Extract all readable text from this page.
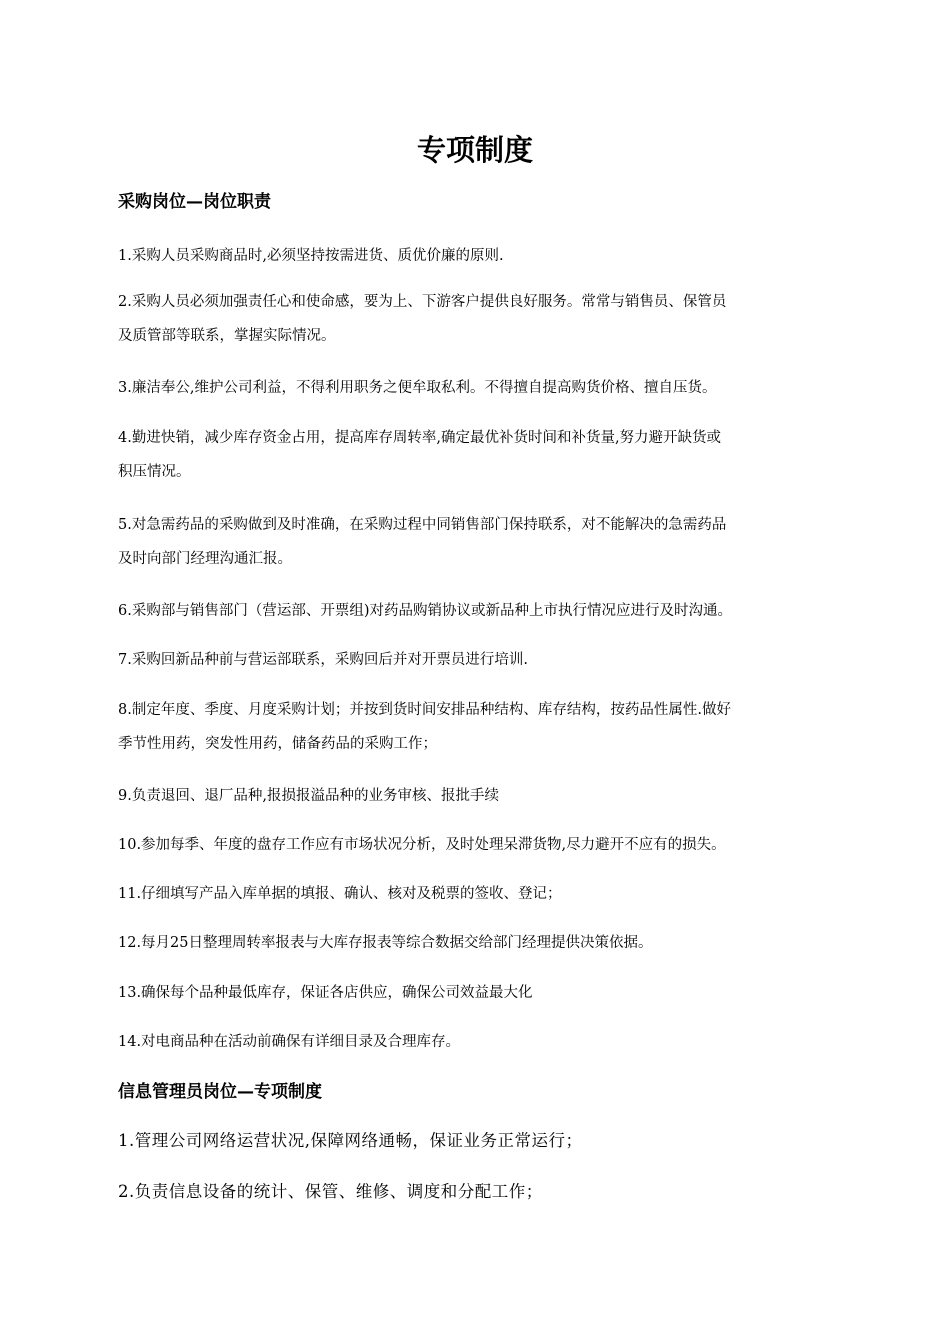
专项制度
采购岗位—岗位职责
1.采购人员采购商品时,必须坚持按需进货、质优价廉的原则.
2.采购人员必须加强责任心和使命感，要为上、下游客户提供良好服务。常常与销售员、保管员
及质管部等联系，掌握实际情况。
3.廉洁奉公,维护公司利益，不得利用职务之便牟取私利。不得擅自提高购货价格、擅自压货。
4.勤进快销，减少库存资金占用，提高库存周转率,确定最优补货时间和补货量,努力避开缺货或
积压情况。
5.对急需药品的采购做到及时准确，在采购过程中同销售部门保持联系，对不能解决的急需药品
及时向部门经理沟通汇报。
6.采购部与销售部门（营运部、开票组)对药品购销协议或新品种上市执行情况应进行及时沟通。
7.采购回新品种前与营运部联系，采购回后并对开票员进行培训.
8.制定年度、季度、月度采购计划；并按到货时间安排品种结构、库存结构，按药品性属性.做好
季节性用药，突发性用药，储备药品的采购工作；
9.负责退回、退厂品种,报损报溢品种的业务审核、报批手续
10.参加每季、年度的盘存工作应有市场状况分析，及时处理呆滞货物,尽力避开不应有的损失。
11.仔细填写产品入库单据的填报、确认、核对及税票的签收、登记；
12.每月25日整理周转率报表与大库存报表等综合数据交给部门经理提供决策依据。
13.确保每个品种最低库存，保证各店供应，确保公司效益最大化
14.对电商品种在活动前确保有详细目录及合理库存。
信息管理员岗位—专项制度
1.管理公司网络运营状况,保障网络通畅，保证业务正常运行；
2.负责信息设备的统计、保管、维修、调度和分配工作；
